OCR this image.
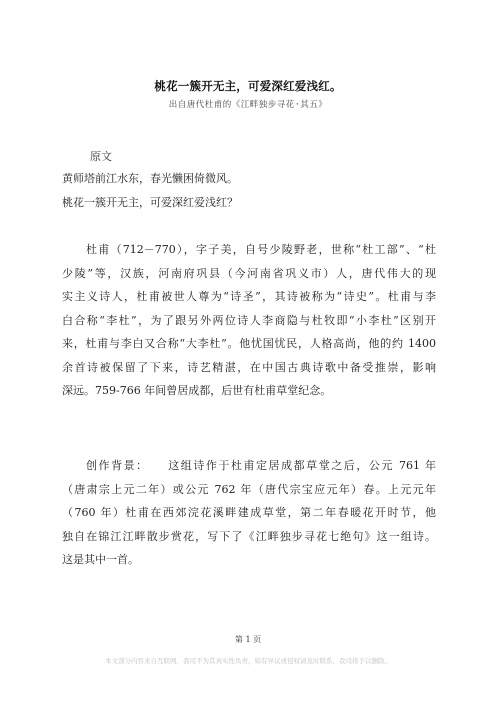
桃花一簇开无主，可爱深红爱浅红。
出自唐代杜甫的《江畔独步寻花·其五》
原文
黄师塔前江水东，春光懒困倚微风。
桃花一簇开无主，可爱深红爱浅红？
杜甫（712－770），字子美，自号少陵野老，世称“杜工部”、“杜
少陵”等，汉族，河南府巩县（今河南省巩义市）人，唐代伟大的现
实主义诗人，杜甫被世人尊为“诗圣”，其诗被称为“诗史”。杜甫与李
白合称“李杜”，为了跟另外两位诗人李商隐与杜牧即“小李杜”区别开
来，杜甫与李白又合称“大李杜”。他忧国忧民，人格高尚，他的约 1400
余首诗被保留了下来，诗艺精湛，在中国古典诗歌中备受推崇，影响
深远。759-766 年间曾居成都，后世有杜甫草堂纪念。
创作背景：　　这组诗作于杜甫定居成都草堂之后，公元 761 年
（唐肃宗上元二年）或公元 762 年（唐代宗宝应元年）春。上元元年
（760 年）杜甫在西郊浣花溪畔建成草堂，第二年春暖花开时节，他
独自在锦江江畔散步赏花，写下了《江畔独步寻花七绝句》这一组诗。
这是其中一首。
第 1 页
本文部分内容来自互联网，我司不为其真实性负责，如有异议或侵权请及时联系，我司将予以删除。
